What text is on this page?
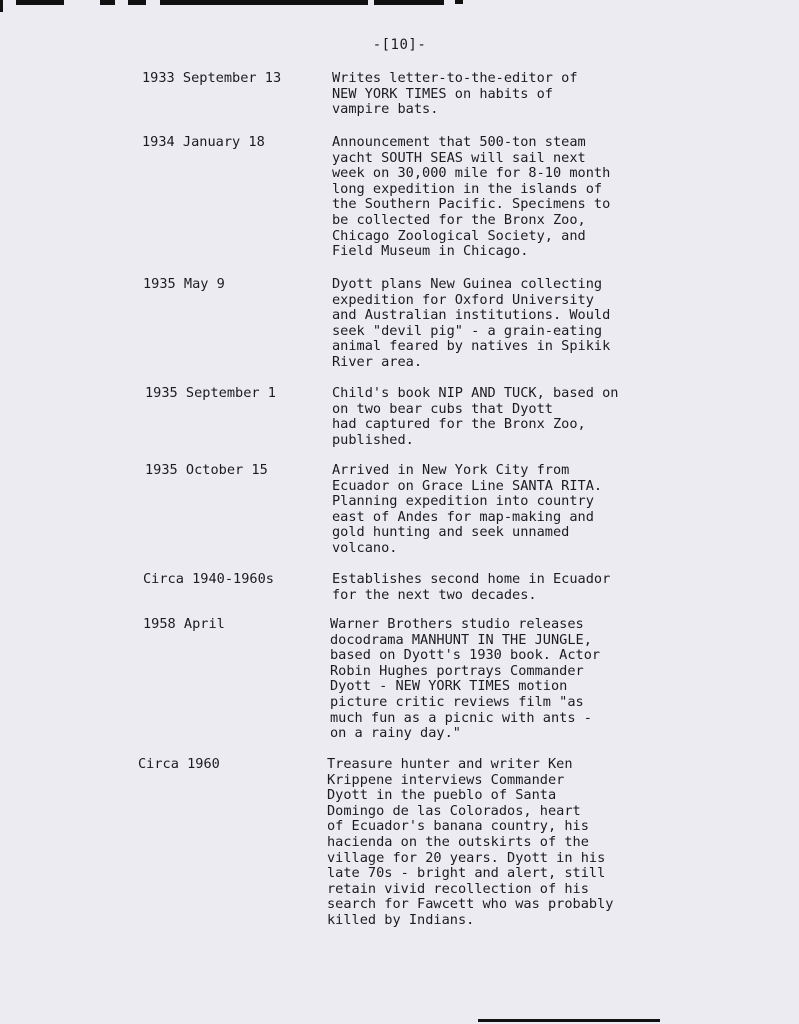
-[10]-
1933 September 13	Writes letter-to-the-editor of
NEW YORK TIMES on habits of
vampire bats.
1934 January 18	Announcement that 500-ton steam
yacht SOUTH SEAS will sail next
week on 30,000 mile for 8-10 month
long expedition in the islands of
the Southern Pacific. Specimens to
be collected for the Bronx Zoo,
Chicago Zoological Society, and
Field Museum in Chicago.
1935 May 9	Dyott plans New Guinea collecting
expedition for Oxford University
and Australian institutions. Would
seek "devil pig" - a grain-eating
animal feared by natives in Spikik
River area.
1935 September 1	Child's book NIP AND TUCK, based on
on two bear cubs that Dyott
had captured for the Bronx Zoo,
published.
1935 October 15	Arrived in New York City from
Ecuador on Grace Line SANTA RITA.
Planning expedition into country
east of Andes for map-making and
gold hunting and seek unnamed
volcano.
Circa 1940-1960s	Establishes second home in Ecuador
for the next two decades.
1958 April	Warner Brothers studio releases
docodrama MANHUNT IN THE JUNGLE,
based on Dyott's 1930 book. Actor
Robin Hughes portrays Commander
Dyott - NEW YORK TIMES motion
picture critic reviews film "as
much fun as a picnic with ants -
on a rainy day."
Circa 1960	Treasure hunter and writer Ken
Krippene interviews Commander
Dyott in the pueblo of Santa
Domingo de las Colorados, heart
of Ecuador's banana country, his
hacienda on the outskirts of the
village for 20 years. Dyott in his
late 70s - bright and alert, still
retain vivid recollection of his
search for Fawcett who was probably
killed by Indians.
